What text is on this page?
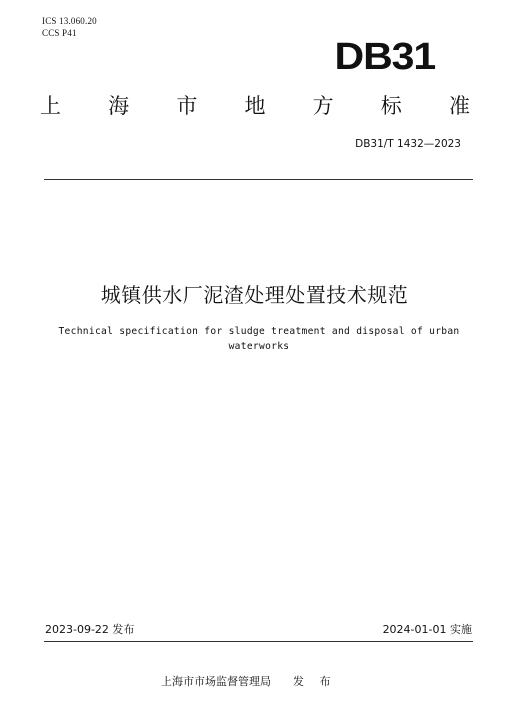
ICS 13.060.20
CCS P41
DB31
上 海 市 地 方 标 准
DB31/T 1432—2023
城镇供水厂泥渣处理处置技术规范
Technical specification for sludge treatment and disposal of urban
waterworks
2023-09-22 发布	2024-01-01 实施
上海市市场监督管理局 发 布
